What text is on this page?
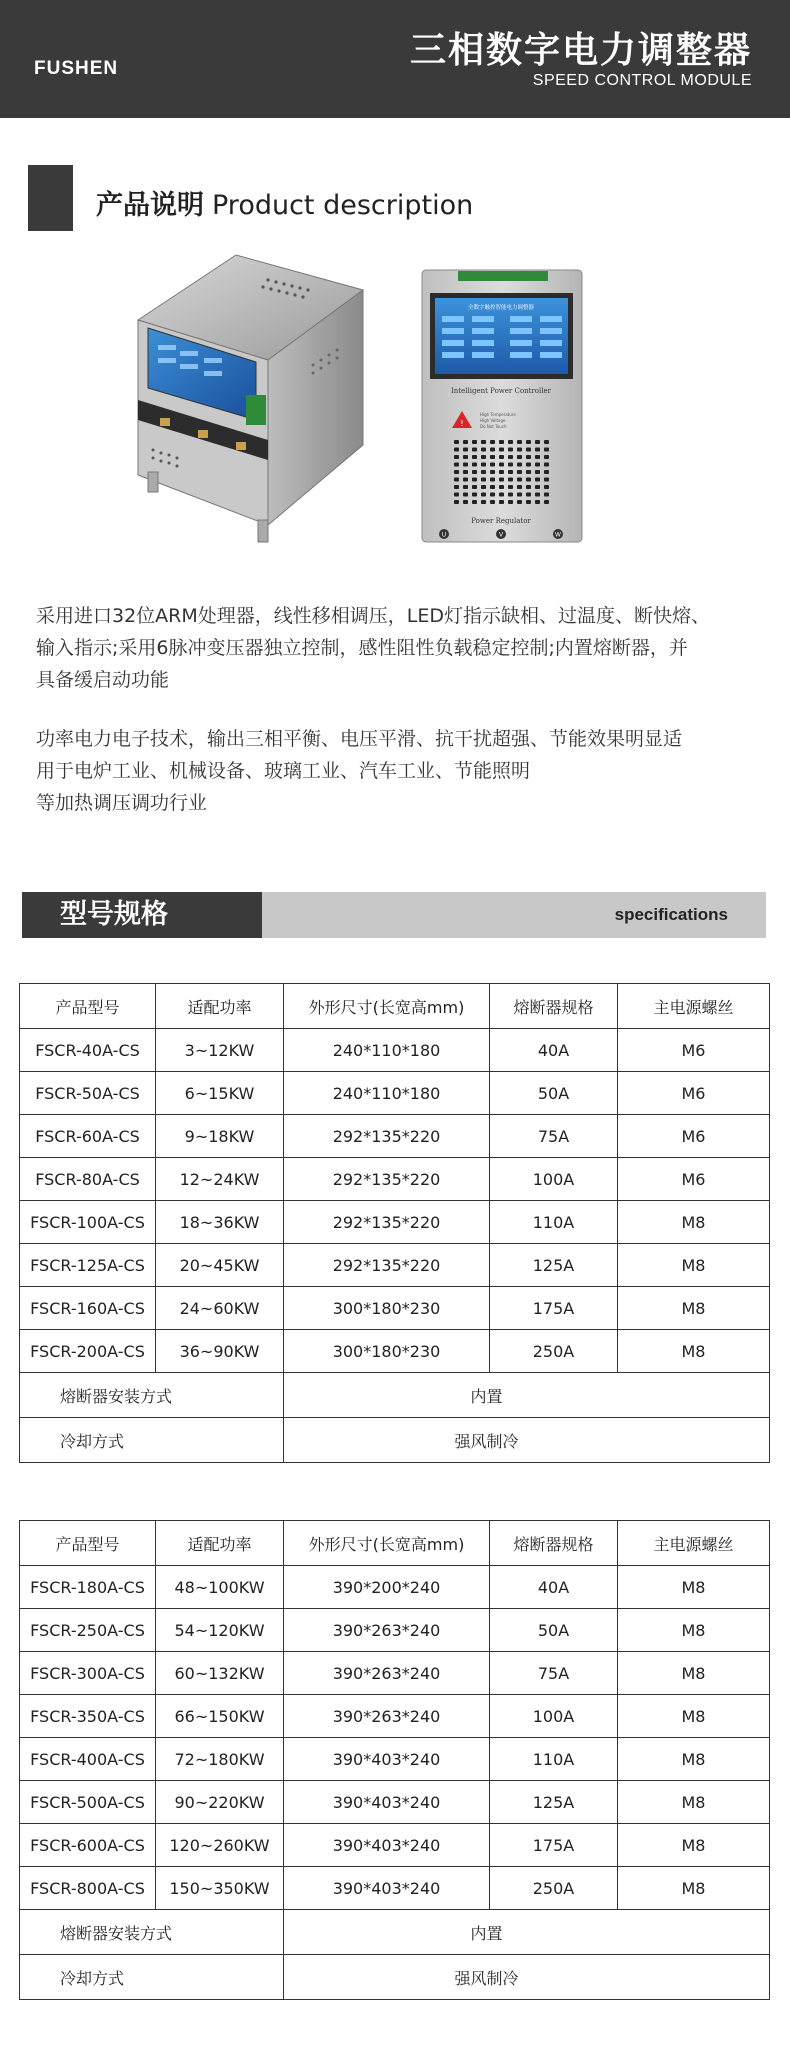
FUSHEN	三相数字电力调整器
SPEED CONTROL MODULE
产品说明 Product description
全数字触控智能电力调整器
Intelligent Power Controller
!
High Temperature
High Voltage
Do Not Touch
Power Regulator
U	V	W
采用进口32位ARM处理器，线性移相调压，LED灯指示缺相、过温度、断快熔、
输入指示;采用6脉冲变压器独立控制，感性阻性负载稳定控制;内置熔断器，并
具备缓启动功能
功率电力电子技术，输出三相平衡、电压平滑、抗干扰超强、节能效果明显适
用于电炉工业、机械设备、玻璃工业、汽车工业、节能照明
等加热调压调功行业
型号规格	specifications
产品型号	适配功率	外形尺寸(长宽高mm)	熔断器规格	主电源螺丝
FSCR-40A-CS	3~12KW	240*110*180	40A	M6
FSCR-50A-CS	6~15KW	240*110*180	50A	M6
FSCR-60A-CS	9~18KW	292*135*220	75A	M6
FSCR-80A-CS	12~24KW	292*135*220	100A	M6
FSCR-100A-CS	18~36KW	292*135*220	110A	M8
FSCR-125A-CS	20~45KW	292*135*220	125A	M8
FSCR-160A-CS	24~60KW	300*180*230	175A	M8
FSCR-200A-CS	36~90KW	300*180*230	250A	M8
熔断器安装方式		内置		
冷却方式		强风制冷		
产品型号	适配功率	外形尺寸(长宽高mm)	熔断器规格	主电源螺丝
FSCR-180A-CS	48~100KW	390*200*240	40A	M8
FSCR-250A-CS	54~120KW	390*263*240	50A	M8
FSCR-300A-CS	60~132KW	390*263*240	75A	M8
FSCR-350A-CS	66~150KW	390*263*240	100A	M8
FSCR-400A-CS	72~180KW	390*403*240	110A	M8
FSCR-500A-CS	90~220KW	390*403*240	125A	M8
FSCR-600A-CS	120~260KW	390*403*240	175A	M8
FSCR-800A-CS	150~350KW	390*403*240	250A	M8
熔断器安装方式		内置		
冷却方式		强风制冷		
